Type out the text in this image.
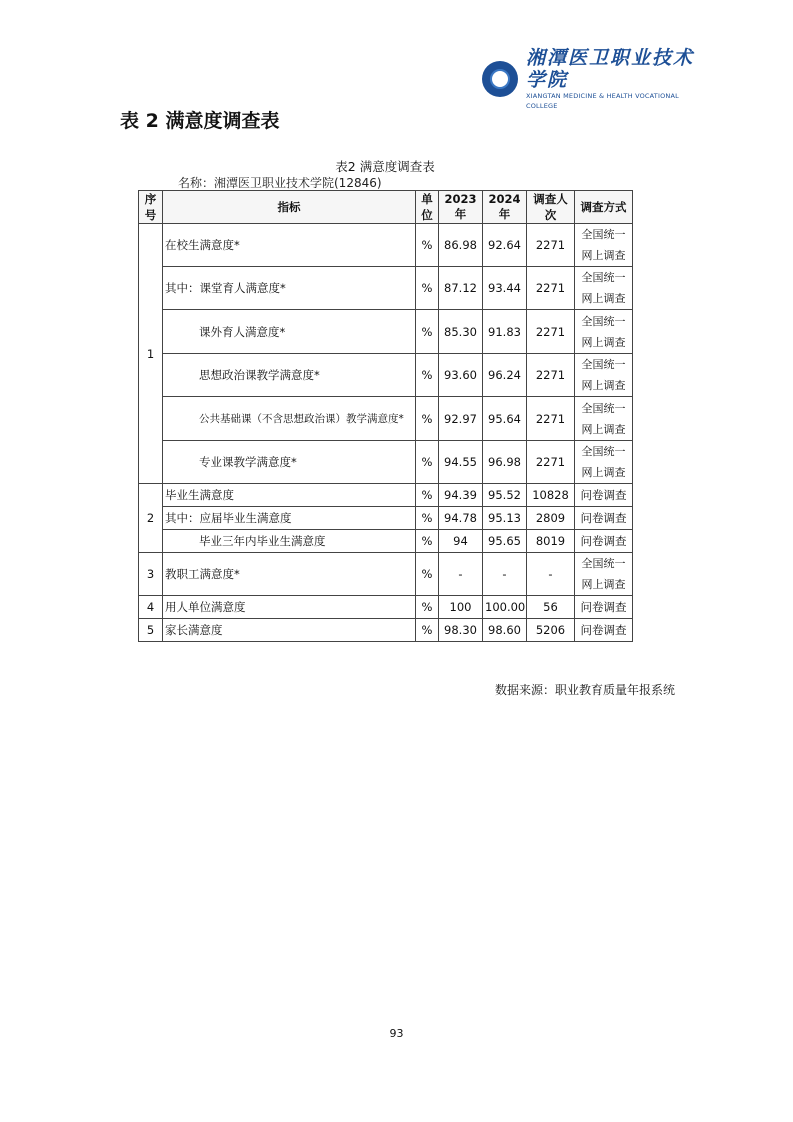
湘潭医卫职业技术学院
XIANGTAN MEDICINE & HEALTH VOCATIONAL COLLEGE
表 2 满意度调查表
表2 满意度调查表
名称：湘潭医卫职业技术学院(12846)
序号	指标	单位	2023年	2024年	调查人次	调查方式
1	在校生满意度*	%	86.98	92.64	2271	全国统一网上调查
	其中：课堂育人满意度*	%	87.12	93.44	2271	全国统一网上调查
	课外育人满意度*	%	85.30	91.83	2271	全国统一网上调查
	思想政治课教学满意度*	%	93.60	96.24	2271	全国统一网上调查
	公共基础课（不含思想政治课）教学满意度*	%	92.97	95.64	2271	全国统一网上调查
	专业课教学满意度*	%	94.55	96.98	2271	全国统一网上调查
2	毕业生满意度	%	94.39	95.52	10828	问卷调查
	其中：应届毕业生满意度	%	94.78	95.13	2809	问卷调查
	毕业三年内毕业生满意度	%	94	95.65	8019	问卷调查
3	教职工满意度*	%	-	-	-	全国统一网上调查
4	用人单位满意度	%	100	100.00	56	问卷调查
5	家长满意度	%	98.30	98.60	5206	问卷调查
数据来源：职业教育质量年报系统
93
